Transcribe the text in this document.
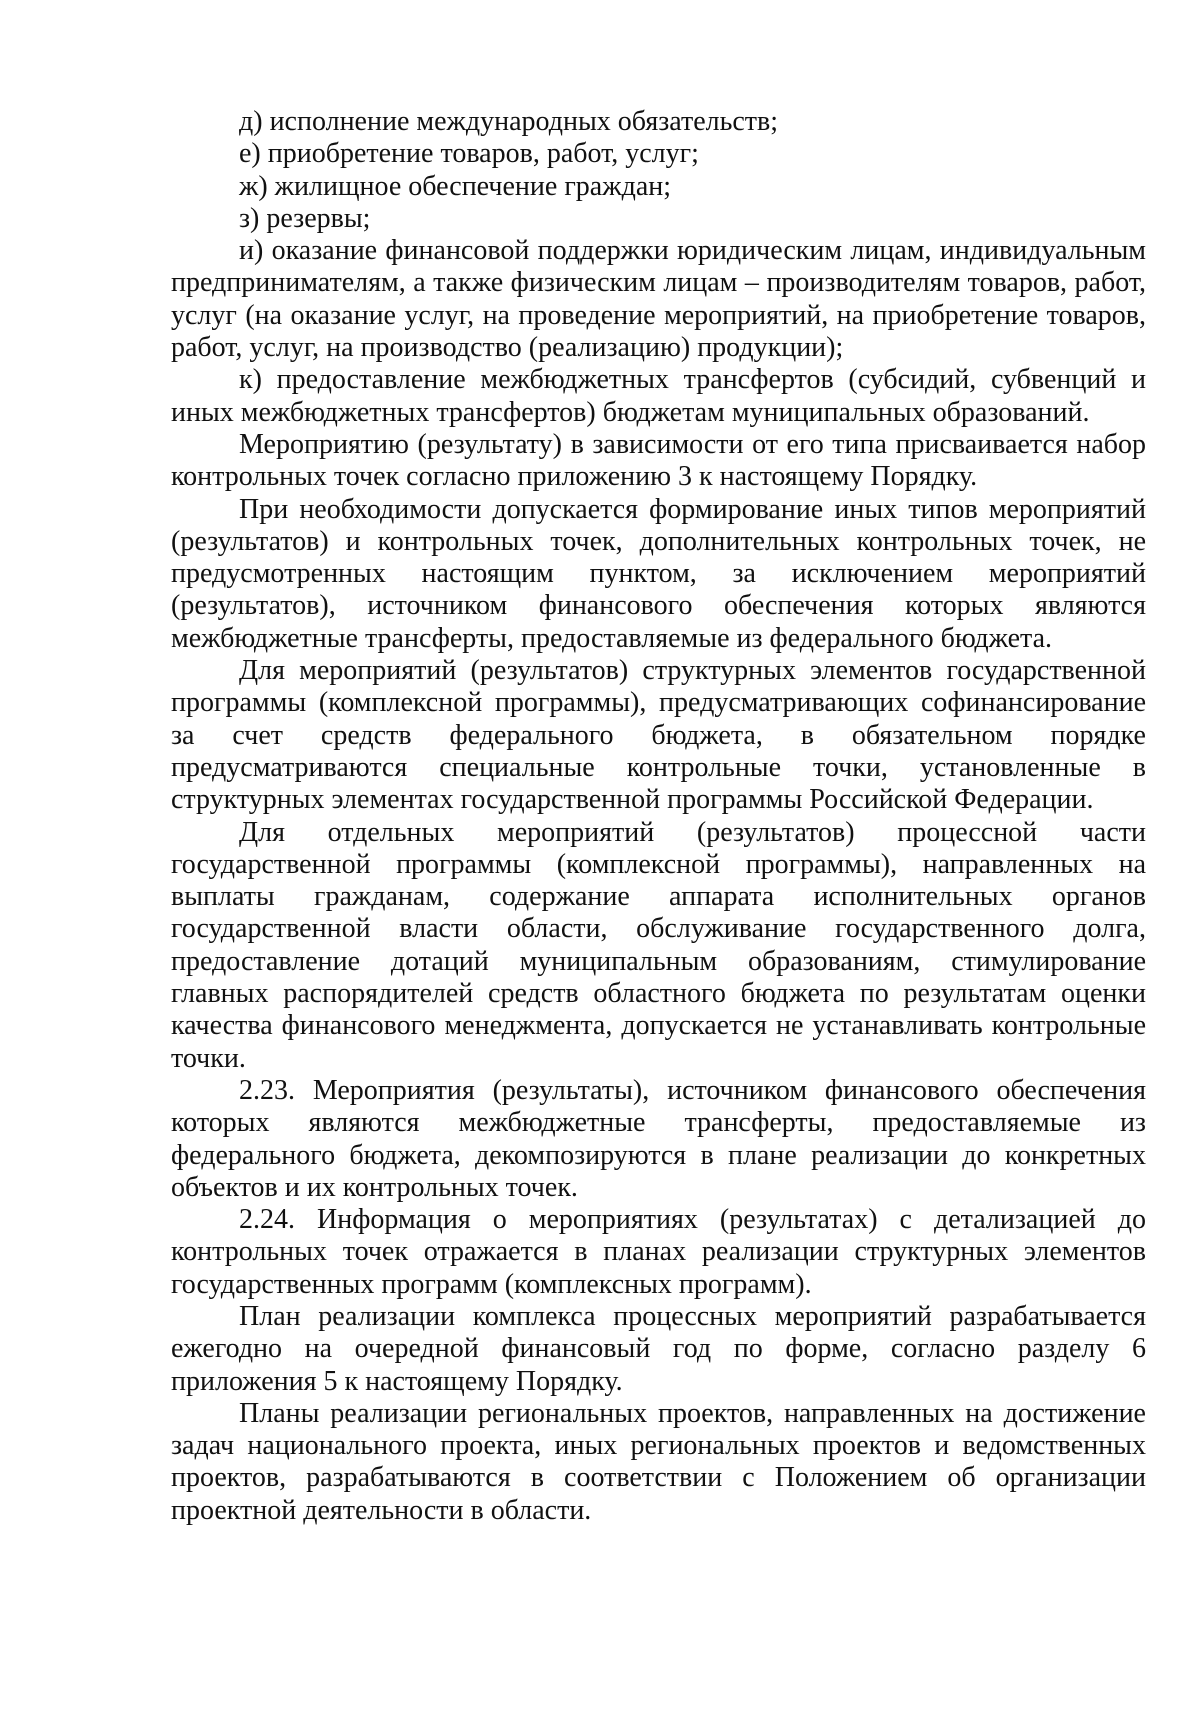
д) исполнение международных обязательств;

е) приобретение товаров, работ, услуг;

ж) жилищное обеспечение граждан;

з) резервы;

и) оказание финансовой поддержки юридическим лицам, индивидуальным предпринимателям, а также физическим лицам – производителям товаров, работ, услуг (на оказание услуг, на проведение мероприятий, на приобретение товаров, работ, услуг, на производство (реализацию) продукции);

к) предоставление межбюджетных трансфертов (субсидий, субвенций и иных межбюджетных трансфертов) бюджетам муниципальных образований.

Мероприятию (результату) в зависимости от его типа присваивается набор контрольных точек согласно приложению 3 к настоящему Порядку.

При необходимости допускается формирование иных типов мероприятий (результатов) и контрольных точек, дополнительных контрольных точек, не предусмотренных настоящим пунктом, за исключением мероприятий (результатов), источником финансового обеспечения которых являются межбюджетные трансферты, предоставляемые из федерального бюджета.

Для мероприятий (результатов) структурных элементов государственной программы (комплексной программы), предусматривающих софинансирование за счет средств федерального бюджета, в обязательном порядке предусматриваются специальные контрольные точки, установленные в структурных элементах государственной программы Российской Федерации.

Для отдельных мероприятий (результатов) процессной части государственной программы (комплексной программы), направленных на выплаты гражданам, содержание аппарата исполнительных органов государственной власти области, обслуживание государственного долга, предоставление дотаций муниципальным образованиям, стимулирование главных распорядителей средств областного бюджета по результатам оценки качества финансового менеджмента, допускается не устанавливать контрольные точки.

2.23. Мероприятия (результаты), источником финансового обеспечения которых являются межбюджетные трансферты, предоставляемые из федерального бюджета, декомпозируются в плане реализации до конкретных объектов и их контрольных точек.

2.24. Информация о мероприятиях (результатах) с детализацией до контрольных точек отражается в планах реализации структурных элементов государственных программ (комплексных программ).

План реализации комплекса процессных мероприятий разрабатывается ежегодно на очередной финансовый год по форме, согласно разделу 6 приложения 5 к настоящему Порядку.

Планы реализации региональных проектов, направленных на достижение задач национального проекта, иных региональных проектов и ведомственных проектов, разрабатываются в соответствии с Положением об организации проектной деятельности в области.
